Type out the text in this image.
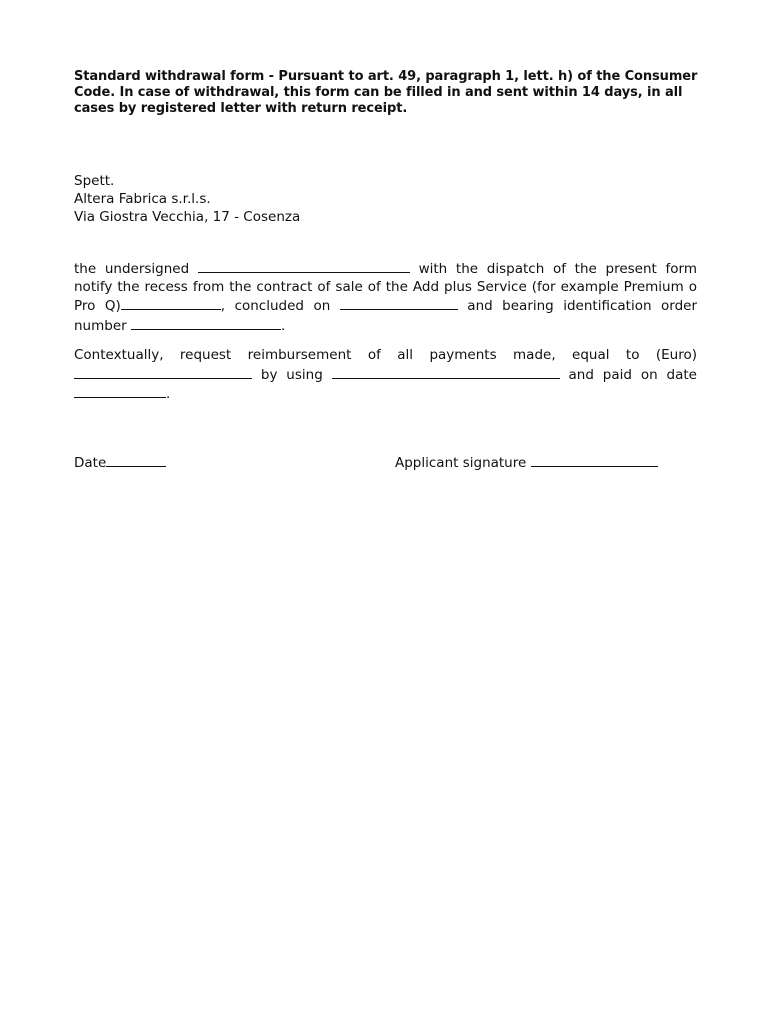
Standard withdrawal form - Pursuant to art. 49, paragraph 1, lett. h) of the Consumer Code. In case of withdrawal, this form can be filled in and sent within 14 days, in all cases by registered letter with return receipt.
Spett.
Altera Fabrica s.r.l.s.
Via Giostra Vecchia, 17 - Cosenza
the undersigned	with the dispatch of the present form notify the recess from the contract of sale of the Add plus Service (for example Premium o Pro Q)	, concluded on	and bearing identification order number	.
Contextually, request reimbursement of all payments made, equal to (Euro)  by using	and paid on date .
Date	Applicant signature
